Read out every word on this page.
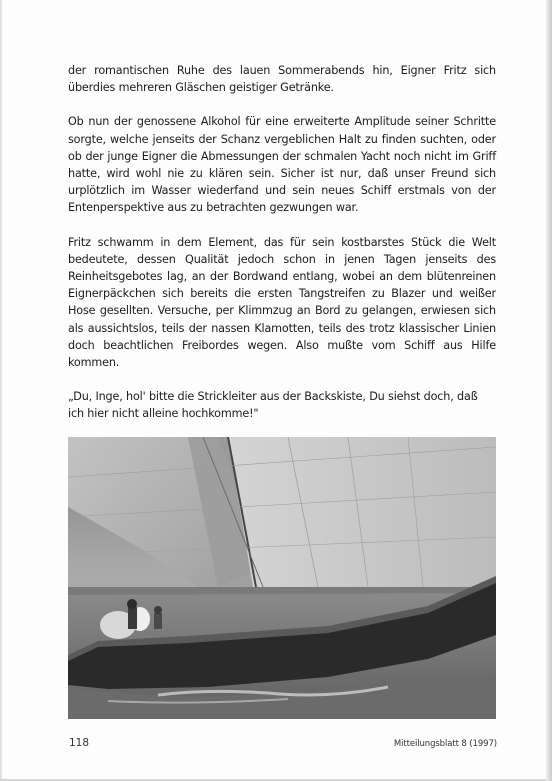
der romantischen Ruhe des lauen Sommerabends hin, Eigner Fritz sich überdies mehreren Gläschen geistiger Getränke.

Ob nun der genossene Alkohol für eine erweiterte Amplitude seiner Schritte sorgte, welche jenseits der Schanz vergeblichen Halt zu finden suchten, oder ob der junge Eigner die Abmessungen der schmalen Yacht noch nicht im Griff hatte, wird wohl nie zu klären sein. Sicher ist nur, daß unser Freund sich urplötzlich im Wasser wiederfand und sein neues Schiff erstmals von der Entenperspektive aus zu betrachten gezwungen war.

Fritz schwamm in dem Element, das für sein kostbarstes Stück die Welt bedeutete, dessen Qualität jedoch schon in jenen Tagen jenseits des Reinheitsgebotes lag, an der Bordwand entlang, wobei an dem blütenreinen Eignerpäckchen sich bereits die ersten Tangstreifen zu Blazer und weißer Hose gesellten. Versuche, per Klimmzug an Bord zu gelangen, erwiesen sich als aussichtslos, teils der nassen Klamotten, teils des trotz klassischer Linien doch beachtlichen Freibordes wegen. Also mußte vom Schiff aus Hilfe kommen.

„Du, Inge, hol' bitte die Strickleiter aus der Backskiste, Du siehst doch, daß ich hier nicht alleine hochkomme!"

118	Mitteilungsblatt 8 (1997)
